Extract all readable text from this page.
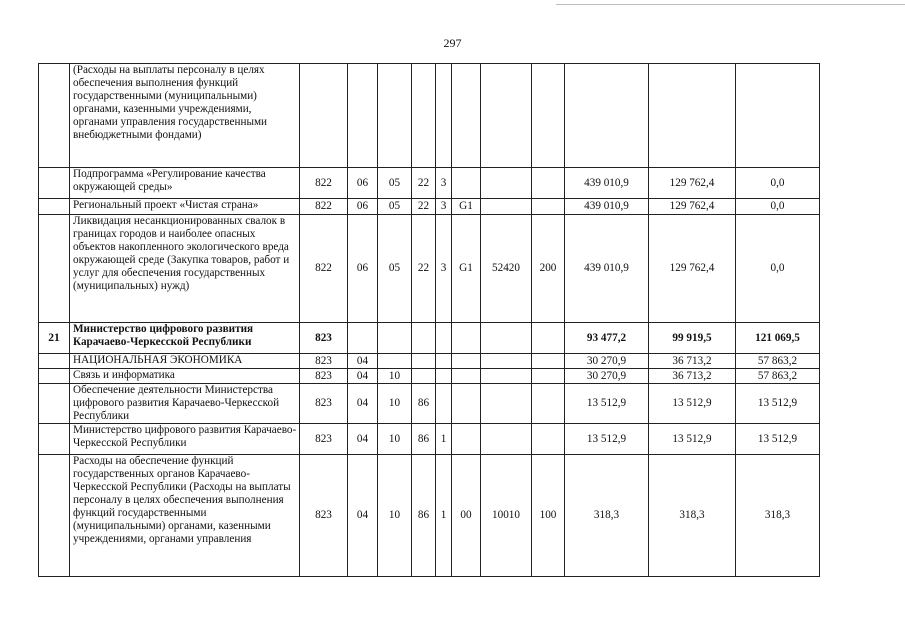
297
	(Расходы на выплаты персоналу в целях обеспечения выполнения функций государственными (муниципальными) органами, казенными учреждениями, органами управления государственными внебюджетными фондами)											
	Подпрограмма «Регулирование качества окружающей среды»	822	06	05	22	3				439 010,9	129 762,4	0,0
	Региональный проект «Чистая страна»	822	06	05	22	3	G1			439 010,9	129 762,4	0,0
	Ликвидация несанкционированных свалок в границах городов и наиболее опасных объектов накопленного экологического вреда окружающей среде (Закупка товаров, работ и услуг для обеспечения государственных (муниципальных) нужд)	822	06	05	22	3	G1	52420	200	439 010,9	129 762,4	0,0
21	Министерство цифрового развития Карачаево-Черкесской Республики	823								93 477,2	99 919,5	121 069,5
	НАЦИОНАЛЬНАЯ ЭКОНОМИКА	823	04							30 270,9	36 713,2	57 863,2
	Связь и информатика	823	04	10						30 270,9	36 713,2	57 863,2
	Обеспечение деятельности Министерства цифрового развития Карачаево-Черкесской Республики	823	04	10	86					13 512,9	13 512,9	13 512,9
	Министерство цифрового развития Карачаево-Черкесской Республики	823	04	10	86	1				13 512,9	13 512,9	13 512,9
	Расходы на обеспечение функций государственных органов Карачаево-Черкесской Республики (Расходы на выплаты персоналу в целях обеспечения выполнения функций государственными (муниципальными) органами, казенными учреждениями, органами управления	823	04	10	86	1	00	10010	100	318,3	318,3	318,3
